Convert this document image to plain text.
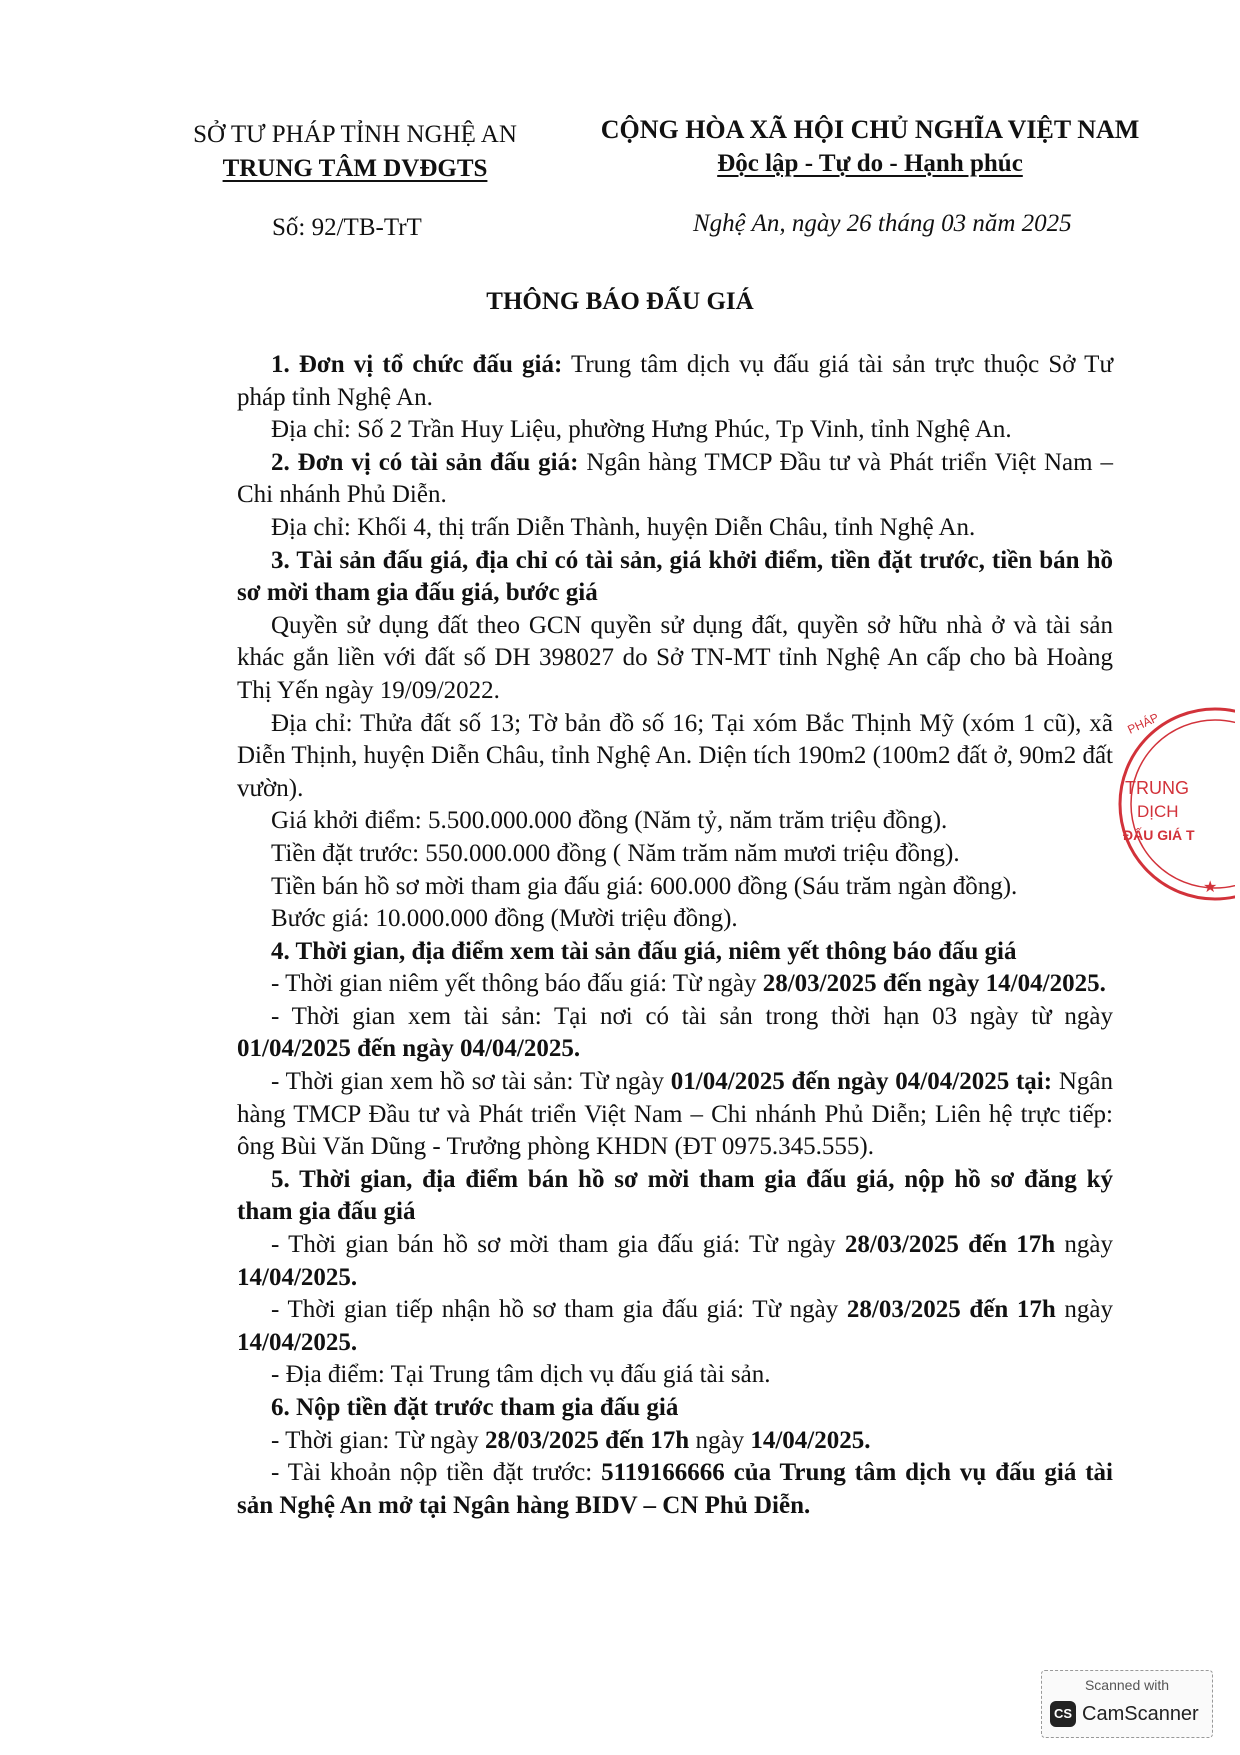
SỞ TƯ PHÁP TỈNH NGHỆ AN
TRUNG TÂM DVĐGTS
CỘNG HÒA XÃ HỘI CHỦ NGHĨA VIỆT NAM
Độc lập - Tự do - Hạnh phúc
Số: 92/TB-TrT	Nghệ An, ngày 26 tháng 03 năm 2025
THÔNG BÁO ĐẤU GIÁ

1. Đơn vị tổ chức đấu giá: Trung tâm dịch vụ đấu giá tài sản trực thuộc Sở Tư pháp tỉnh Nghệ An.

Địa chỉ: Số 2 Trần Huy Liệu, phường Hưng Phúc, Tp Vinh, tỉnh Nghệ An.

2. Đơn vị có tài sản đấu giá: Ngân hàng TMCP Đầu tư và Phát triển Việt Nam – Chi nhánh Phủ Diễn.

Địa chỉ: Khối 4, thị trấn Diễn Thành, huyện Diễn Châu, tỉnh Nghệ An.

3. Tài sản đấu giá, địa chỉ có tài sản, giá khởi điểm, tiền đặt trước, tiền bán hồ sơ mời tham gia đấu giá, bước giá

Quyền sử dụng đất theo GCN quyền sử dụng đất, quyền sở hữu nhà ở và tài sản khác gắn liền với đất số DH 398027 do Sở TN-MT tỉnh Nghệ An cấp cho bà Hoàng Thị Yến ngày 19/09/2022.

Địa chỉ: Thửa đất số 13; Tờ bản đồ số 16; Tại xóm Bắc Thịnh Mỹ (xóm 1 cũ), xã Diễn Thịnh, huyện Diễn Châu, tỉnh Nghệ An. Diện tích 190m2 (100m2 đất ở, 90m2 đất vườn).

Giá khởi điểm: 5.500.000.000 đồng (Năm tỷ, năm trăm triệu đồng).

Tiền đặt trước: 550.000.000 đồng ( Năm trăm năm mươi triệu đồng).

Tiền bán hồ sơ mời tham gia đấu giá: 600.000 đồng (Sáu trăm ngàn đồng).

Bước giá: 10.000.000 đồng (Mười triệu đồng).

4. Thời gian, địa điểm xem tài sản đấu giá, niêm yết thông báo đấu giá

- Thời gian niêm yết thông báo đấu giá: Từ ngày 28/03/2025 đến ngày 14/04/2025.

- Thời gian xem tài sản: Tại nơi có tài sản trong thời hạn 03 ngày từ ngày 01/04/2025 đến ngày 04/04/2025.

- Thời gian xem hồ sơ tài sản: Từ ngày 01/04/2025 đến ngày 04/04/2025 tại: Ngân hàng TMCP Đầu tư và Phát triển Việt Nam – Chi nhánh Phủ Diễn; Liên hệ trực tiếp: ông Bùi Văn Dũng - Trưởng phòng KHDN (ĐT 0975.345.555).

5. Thời gian, địa điểm bán hồ sơ mời tham gia đấu giá, nộp hồ sơ đăng ký tham gia đấu giá

- Thời gian bán hồ sơ mời tham gia đấu giá: Từ ngày 28/03/2025 đến 17h ngày 14/04/2025.

- Thời gian tiếp nhận hồ sơ tham gia đấu giá: Từ ngày 28/03/2025 đến 17h ngày 14/04/2025.

- Địa điểm: Tại Trung tâm dịch vụ đấu giá tài sản.

6. Nộp tiền đặt trước tham gia đấu giá

- Thời gian: Từ ngày 28/03/2025 đến 17h ngày 14/04/2025.

- Tài khoản nộp tiền đặt trước: 5119166666 của Trung tâm dịch vụ đấu giá tài sản Nghệ An mở tại Ngân hàng BIDV – CN Phủ Diễn.

PHÁP
TRUNG
DỊCH
ĐẤU GIÁ T
★
Scanned with
CS CamScanner
